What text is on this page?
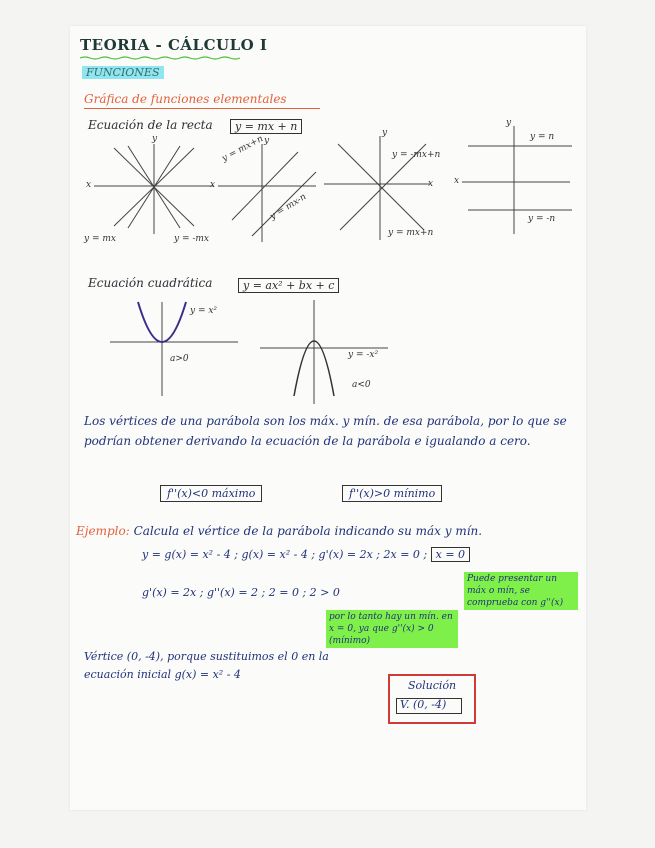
TEORIA - CÁLCULO I
FUNCIONES
Gráfica de funciones elementales
Ecuación de la recta	y = mx + n
y
x
y = mx	y = -mx
y
x
y = mx+n
y = mx-n
y
x
y = -mx+n
y = mx+n
y
x
y = n
y = -n
Ecuación cuadrática	y = ax² + bx + c
y = x²
a>0	y = -x²
a<0
Los vértices de una parábola son los máx. y mín. de esa parábola, por lo que se podrían obtener derivando la ecuación de la parábola e igualando a cero.
f''(x)<0 máximo	f''(x)>0 mínimo
Ejemplo: Calcula el vértice de la parábola indicando su máx y mín.
y = g(x) = x² - 4 ; g(x) = x² - 4 ; g'(x) = 2x ; 2x = 0 ; x = 0
g'(x) = 2x ; g''(x) = 2 ; 2 = 0 ; 2 > 0
Puede presentar un máx o mín, se comprueba con g''(x)
por lo tanto hay un mín. en x = 0, ya que g''(x) > 0 (mínimo)
Vértice (0, -4), porque sustituimos el 0 en la ecuación inicial g(x) = x² - 4
Solución
V. (0, -4)
